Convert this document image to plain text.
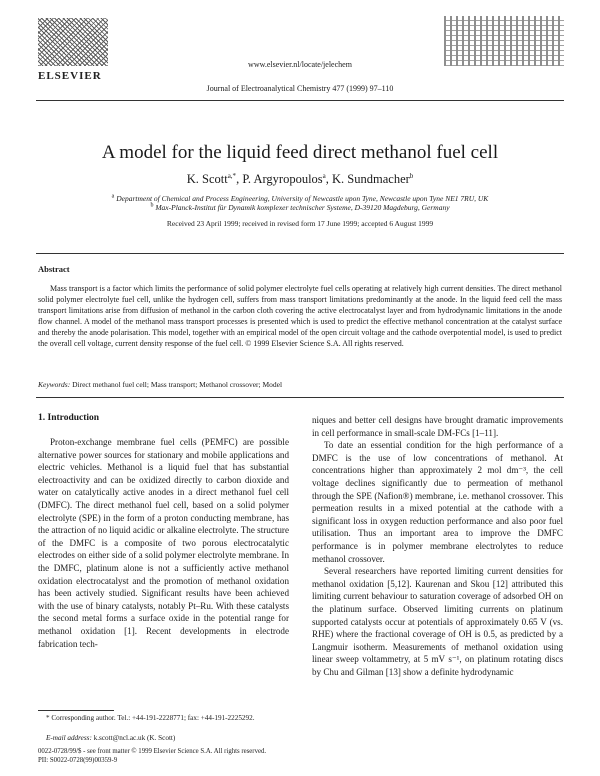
ELSEVIER
www.elsevier.nl/locate/jelechem
Journal of Electroanalytical Chemistry 477 (1999) 97–110
A model for the liquid feed direct methanol fuel cell
K. Scott$^{a,*}$, P. Argyropoulos$^a$, K. Sundmacher$^b$
$^a$ Department of Chemical and Process Engineering, University of Newcastle upon Tyne, Newcastle upon Tyne NE1 7RU, UK
$^b$ Max-Planck-Institut für Dynamik komplexer technischer Systeme, D-39120 Magdeburg, Germany
Received 23 April 1999; received in revised form 17 June 1999; accepted 6 August 1999
Abstract
Mass transport is a factor which limits the performance of solid polymer electrolyte fuel cells operating at relatively high current densities. The direct methanol solid polymer electrolyte fuel cell, unlike the hydrogen cell, suffers from mass transport limitations predominantly at the anode. In the liquid feed cell the mass transport limitations arise from diffusion of methanol in the carbon cloth covering the active electrocatalyst layer and from hydrodynamic limitations in the anode flow channel. A model of the methanol mass transport processes is presented which is used to predict the effective methanol concentration at the catalyst surface and thereby the anode polarisation. This model, together with an empirical model of the open circuit voltage and the cathode overpotential model, is used to predict the overall cell voltage, current density response of the fuel cell. © 1999 Elsevier Science S.A. All rights reserved.
Keywords: Direct methanol fuel cell; Mass transport; Methanol crossover; Model
1. Introduction

Proton-exchange membrane fuel cells (PEMFC) are possible alternative power sources for stationary and mobile applications and electric vehicles. Methanol is a liquid fuel that has substantial electroactivity and can be oxidized directly to carbon dioxide and water on catalytically active anodes in a direct methanol fuel cell (DMFC). The direct methanol fuel cell, based on a solid polymer electrolyte (SPE) in the form of a proton conducting membrane, has the attraction of no liquid acidic or alkaline electrolyte. The structure of the DMFC is a composite of two porous electrocatalytic electrodes on either side of a solid polymer electrolyte membrane. In the DMFC, platinum alone is not a sufficiently active methanol oxidation electrocatalyst and the promotion of methanol oxidation has been actively studied. Significant results have been achieved with the use of binary catalysts, notably Pt–Ru. With these catalysts the second metal forms a surface oxide in the potential range for methanol oxidation [1]. Recent developments in electrode fabrication tech-

niques and better cell designs have brought dramatic improvements in cell performance in small-scale DM-FCs [1–11].

To date an essential condition for the high performance of a DMFC is the use of low concentrations of methanol. At concentrations higher than approximately 2 mol dm⁻³, the cell voltage declines significantly due to permeation of methanol through the SPE (Nafion®) membrane, i.e. methanol crossover. This permeation results in a mixed potential at the cathode with a significant loss in oxygen reduction performance and also poor fuel utilisation. Thus an important area to improve the DMFC performance is in polymer membrane electrolytes to reduce methanol crossover.

Several researchers have reported limiting current densities for methanol oxidation [5,12]. Kaurenan and Skou [12] attributed this limiting current behaviour to saturation coverage of adsorbed OH on the platinum surface. Observed limiting currents on platinum supported catalysts occur at potentials of approximately 0.65 V (vs. RHE) where the fractional coverage of OH is 0.5, as predicted by a Langmuir isotherm. Measurements of methanol oxidation using linear sweep voltammetry, at 5 mV s⁻¹, on platinum rotating discs by Chu and Gilman [13] show a definite hydrodynamic

* Corresponding author. Tel.: +44-191-2228771; fax: +44-191-2225292.
E-mail address: k.scott@ncl.ac.uk (K. Scott)
0022-0728/99/$ - see front matter © 1999 Elsevier Science S.A. All rights reserved.
PII: S0022-0728(99)00359-9
